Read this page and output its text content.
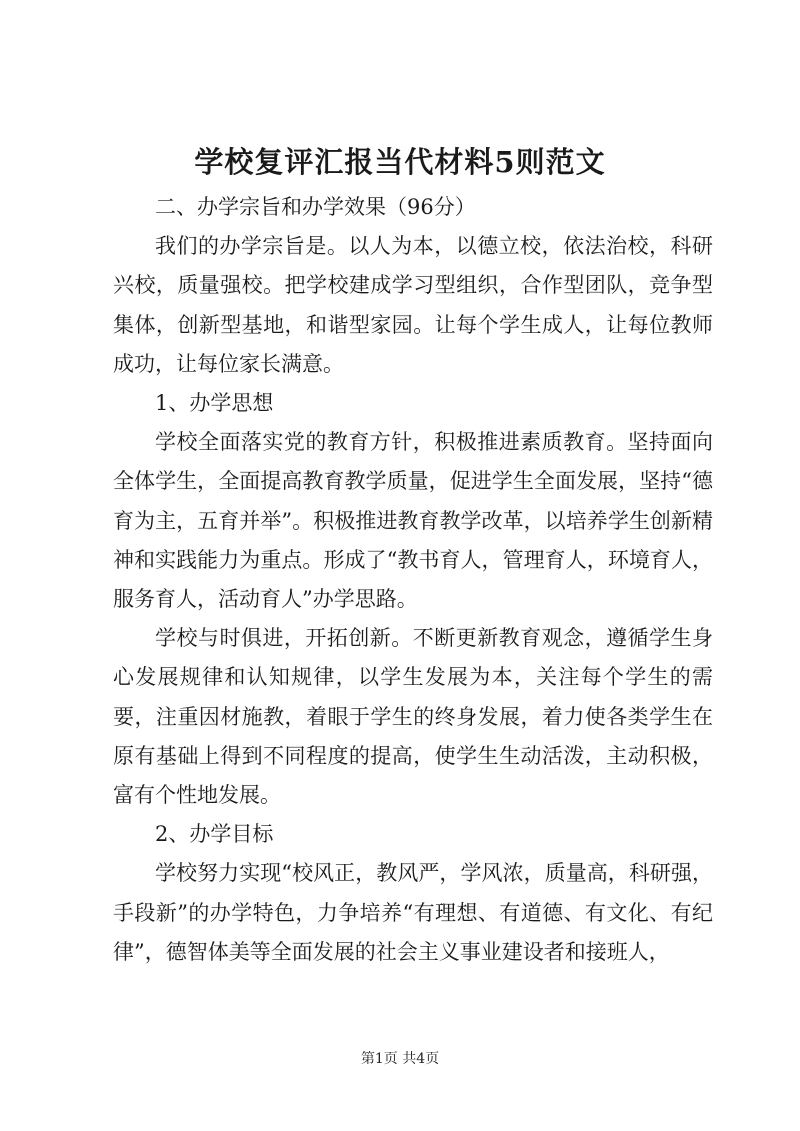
学校复评汇报当代材料5则范文

二、办学宗旨和办学效果（96分）

我们的办学宗旨是。以人为本，以德立校，依法治校，科研兴校，质量强校。把学校建成学习型组织，合作型团队，竞争型集体，创新型基地，和谐型家园。让每个学生成人，让每位教师成功，让每位家长满意。

1、办学思想

学校全面落实党的教育方针，积极推进素质教育。坚持面向全体学生，全面提高教育教学质量，促进学生全面发展，坚持“德育为主，五育并举”。积极推进教育教学改革，以培养学生创新精神和实践能力为重点。形成了“教书育人，管理育人，环境育人，服务育人，活动育人”办学思路。

学校与时俱进，开拓创新。不断更新教育观念，遵循学生身心发展规律和认知规律，以学生发展为本，关注每个学生的需要，注重因材施教，着眼于学生的终身发展，着力使各类学生在原有基础上得到不同程度的提高，使学生生动活泼，主动积极，富有个性地发展。

2、办学目标

学校努力实现“校风正，教风严，学风浓，质量高，科研强，手段新”的办学特色，力争培养“有理想、有道德、有文化、有纪律”，德智体美等全面发展的社会主义事业建设者和接班人，

第1页 共4页
